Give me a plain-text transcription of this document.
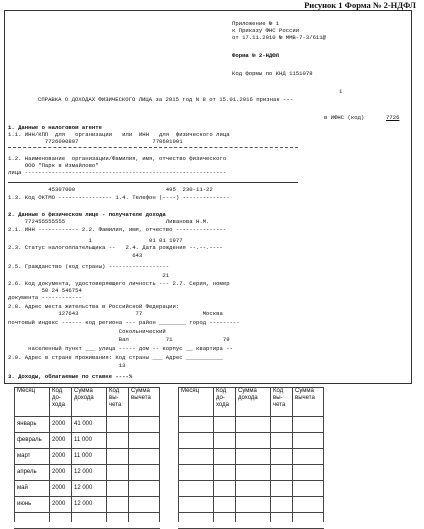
Рисунок 1 Форма № 2-НДФЛ
Приложение № 1
к Приказу ФНС России
от 17.11.2010 № ММВ-7-3/611@
Форма № 2-НДФЛ
Код формы по КНД 1151078
1
СПРАВКА О ДОХОДАХ ФИЗИЧЕСКОГО ЛИЦА за 2015 год N 8 от 15.01.2016 признак ---
в ИФНС (код)	7726
1. Данные о налоговом агенте
1.1. ИНН/КПП  для   организации   или  ИНН   для  физического лица
7726090807                      770601001
1.2. Наименование  организации/Фамилия, имя, отчество физического
ООО "Парк в Измайлово"
лица ------------------------------------------------------------
45307000                           495  230-11-22
1.3. Код ОКТМО ---------------- 1.4. Телефон (----) --------------
2. Данные о физическом лице - получателе дохода
772455555555                              Ливанова Н.М.
2.1. ИНН ------------ 2.2. Фамилия, имя, отчество ---------------
1                 01 01 1977
2.3. Статус налогоплательщика --   2.4. Дата рождения --.--.----
643
2.5. Гражданство (код страны) ------------------
21
2.6. Код документа, удостоверяющего личность --- 2.7. Серия, номер
50 24 546754
документа ------------
2.8. Адрес места жительства в Российской Федерации:
127643                 77                  Москва
почтовый индекс ------ код региона --- район ________ город ---------
Сокольнический
Вал           71               79
населенный пункт ___ улица ----- дом -- корпус __ квартира --
2.9. Адрес в стране проживания: Код страны ___ Адрес ___________
13
3. Доходы, облагаемые по ставке ----%
Месяц	Код до-хода	Сумма дохода	Код вы-чета	Сумма вычета
январь	2000	41 000		
февраль	2000	11 000		
март	2000	11 000		
апрель	2000	12 000		
май	2000	12 000		
июнь	2000	12 000		

Месяц	Код до-хода	Сумма дохода	Код вы-чета	Сумма вычета
